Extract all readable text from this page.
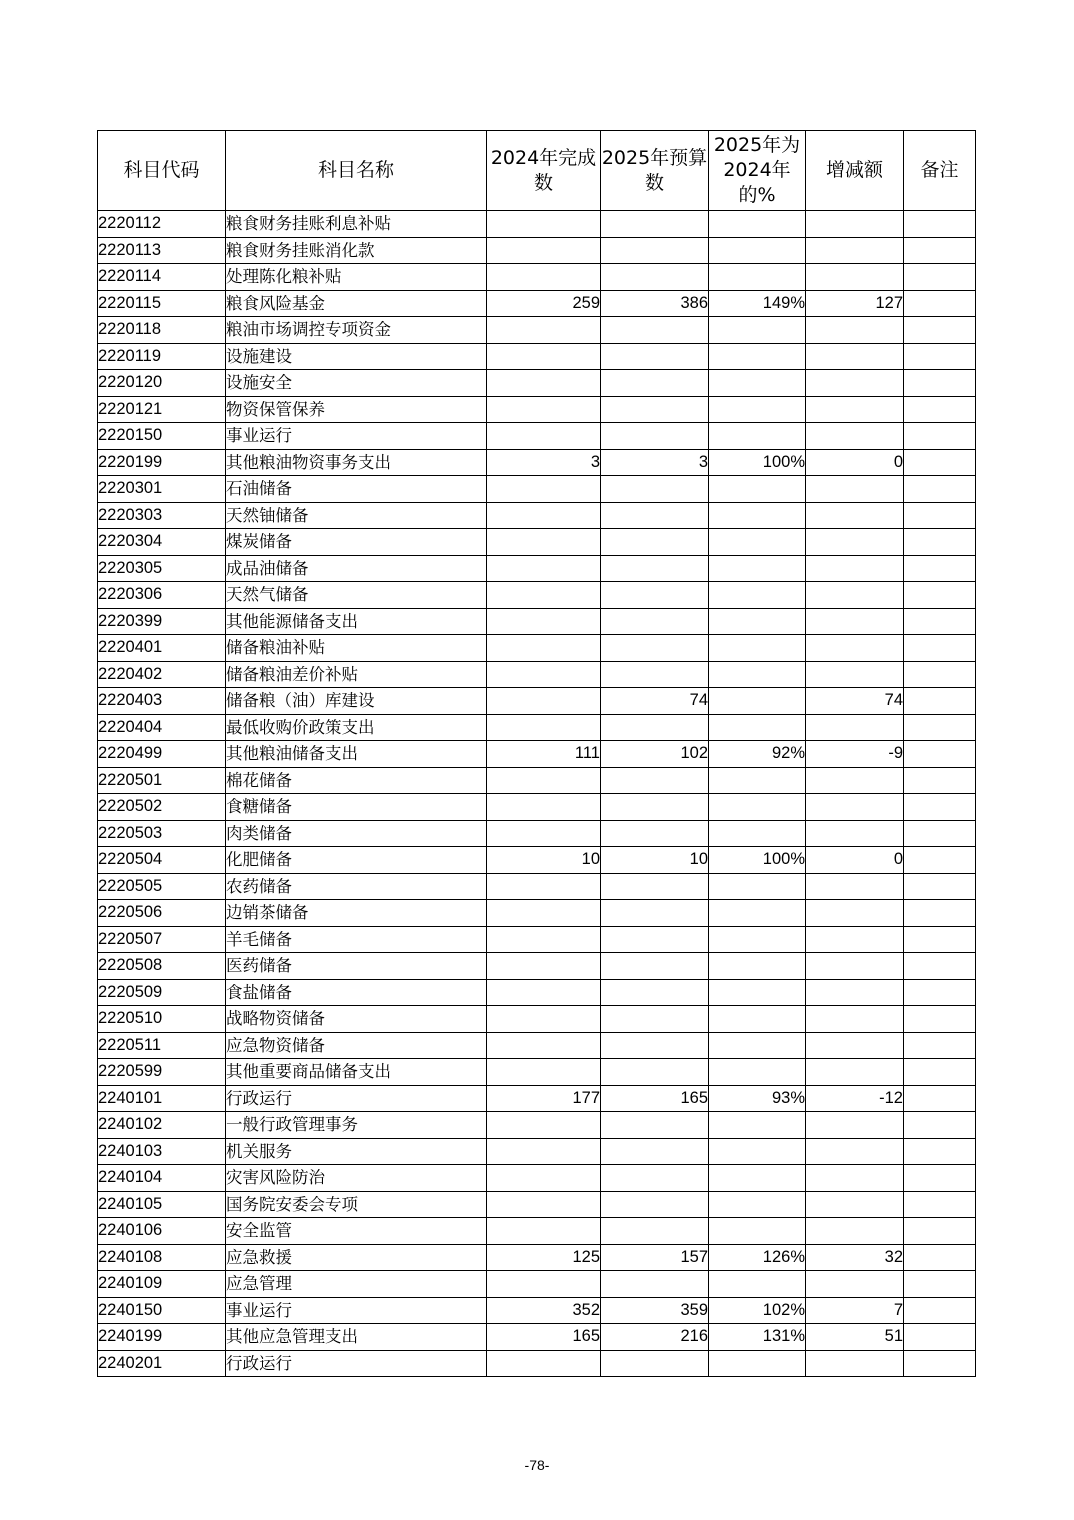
科目代码	科目名称	2024年完成数	2025年预算数	2025年为2024年的%	增减额	备注
2220112	粮食财务挂账利息补贴					
2220113	粮食财务挂账消化款					
2220114	处理陈化粮补贴					
2220115	粮食风险基金	259	386	149%	127	
2220118	粮油市场调控专项资金					
2220119	设施建设					
2220120	设施安全					
2220121	物资保管保养					
2220150	事业运行					
2220199	其他粮油物资事务支出	3	3	100%	0	
2220301	石油储备					
2220303	天然铀储备					
2220304	煤炭储备					
2220305	成品油储备					
2220306	天然气储备					
2220399	其他能源储备支出					
2220401	储备粮油补贴					
2220402	储备粮油差价补贴					
2220403	储备粮（油）库建设		74		74	
2220404	最低收购价政策支出					
2220499	其他粮油储备支出	111	102	92%	-9	
2220501	棉花储备					
2220502	食糖储备					
2220503	肉类储备					
2220504	化肥储备	10	10	100%	0	
2220505	农药储备					
2220506	边销茶储备					
2220507	羊毛储备					
2220508	医药储备					
2220509	食盐储备					
2220510	战略物资储备					
2220511	应急物资储备					
2220599	其他重要商品储备支出					
2240101	行政运行	177	165	93%	-12	
2240102	一般行政管理事务					
2240103	机关服务					
2240104	灾害风险防治					
2240105	国务院安委会专项					
2240106	安全监管					
2240108	应急救援	125	157	126%	32	
2240109	应急管理					
2240150	事业运行	352	359	102%	7	
2240199	其他应急管理支出	165	216	131%	51	
2240201	行政运行					
-78-
